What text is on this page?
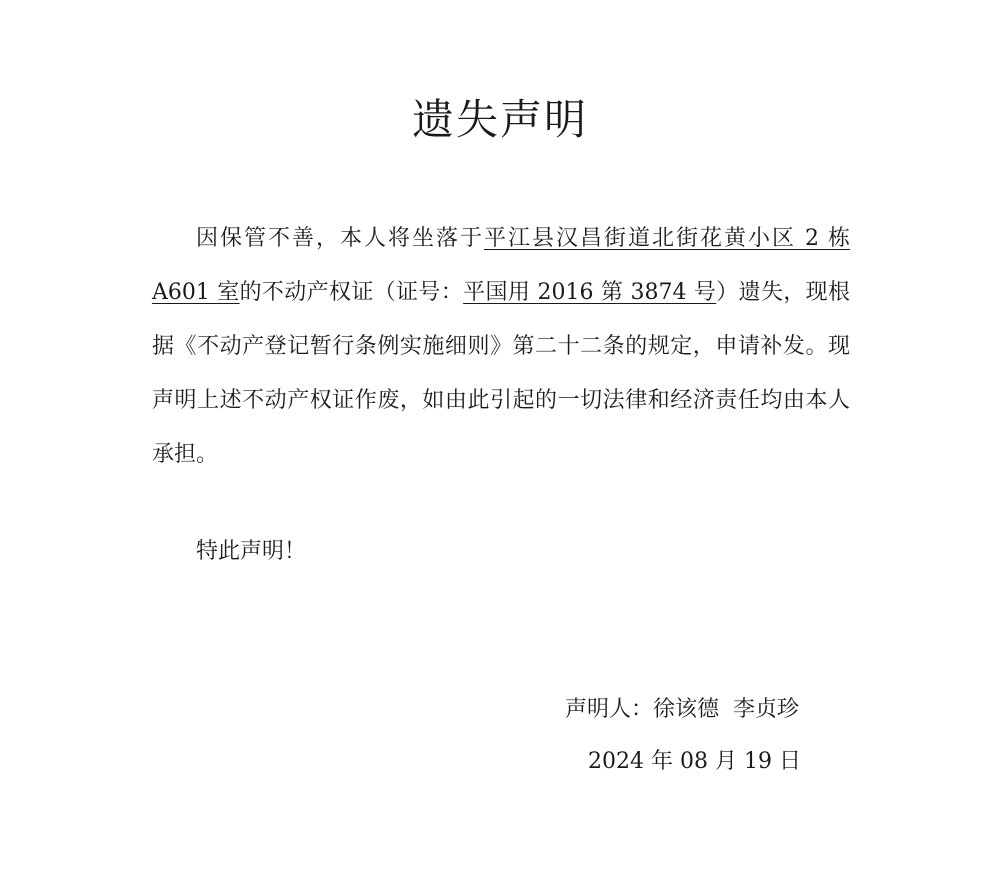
遗失声明

因保管不善，本人将坐落于平江县汉昌街道北街花黄小区 2 栋 A601 室的不动产权证（证号：平国用 2016 第 3874 号）遗失，现根据《不动产登记暂行条例实施细则》第二十二条的规定，申请补发。现声明上述不动产权证作废，如由此引起的一切法律和经济责任均由本人承担。

特此声明！

声明人：徐该德  李贞珍
2024 年 08 月 19 日
